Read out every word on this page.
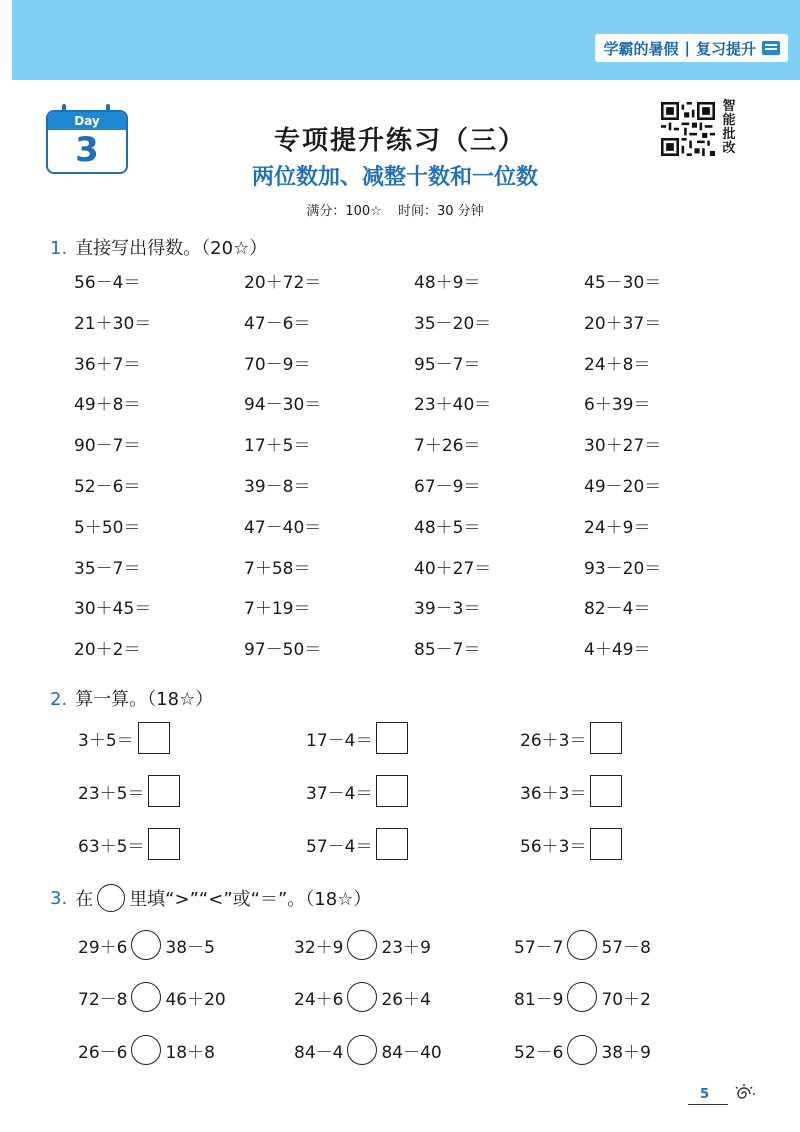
学霸的暑假 | 复习提升
Day
3	专项提升练习（三）
两位数加、减整十数和一位数
满分：100☆ 时间：30 分钟
智
能
批
改
1. 直接写出得数。（20☆）
56－4＝	20＋72＝	48＋9＝	45－30＝
21＋30＝	47－6＝	35－20＝	20＋37＝
36＋7＝	70－9＝	95－7＝	24＋8＝
49＋8＝	94－30＝	23＋40＝	6＋39＝
90－7＝	17＋5＝	7＋26＝	30＋27＝
52－6＝	39－8＝	67－9＝	49－20＝
5＋50＝	47－40＝	48＋5＝	24＋9＝
35－7＝	7＋58＝	40＋27＝	93－20＝
30＋45＝	7＋19＝	39－3＝	82－4＝
20＋2＝	97－50＝	85－7＝	4＋49＝
2. 算一算。（18☆）
3＋5＝	17－4＝	26＋3＝
23＋5＝	37－4＝	36＋3＝
63＋5＝	57－4＝	56＋3＝
3. 在 里填“>”“<”或“＝”。（18☆）
29＋6 38－5	32＋9 23＋9	57－7 57－8
72－8 46＋20	24＋6 26＋4	81－9 70＋2
26－6 18＋8	84－4 84－40	52－6 38＋9
5
